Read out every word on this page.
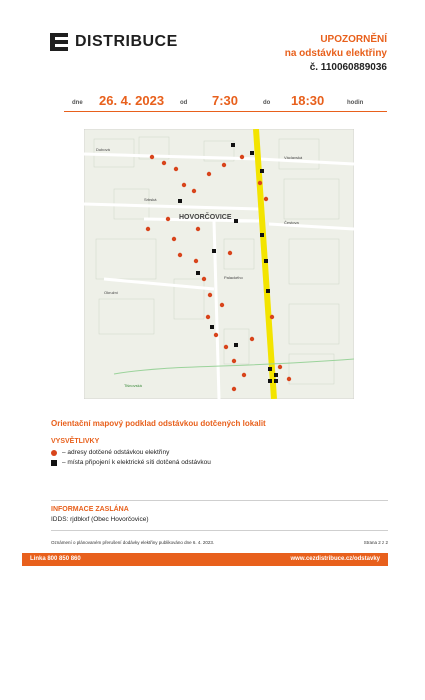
DISTRIBUCE	UPOZORNĚNÍ
na odstávku elektřiny
č. 110060889036
dne 26. 4. 2023	od 7:30	do 18:30	hodin
HOVORČOVICE
Tišnovská
Dubová
Srbská
Palackého
Čestova
Okružní
Václavská
Orientační mapový podklad odstávkou dotčených lokalit
VYSVĚTLIVKY
– adresy dotčené odstávkou elektřiny
– místa připojení k elektrické síti dotčená odstávkou
INFORMACE ZASLÁNA
IDDS: rjdbkxf (Obec Hovorčovice)
Oznámení o plánovaném přerušení dodávky elektřiny publikováno dne 6. 4. 2023.	Strana 2 z 2
Linka 800 850 860	www.cezdistribuce.cz/odstavky
